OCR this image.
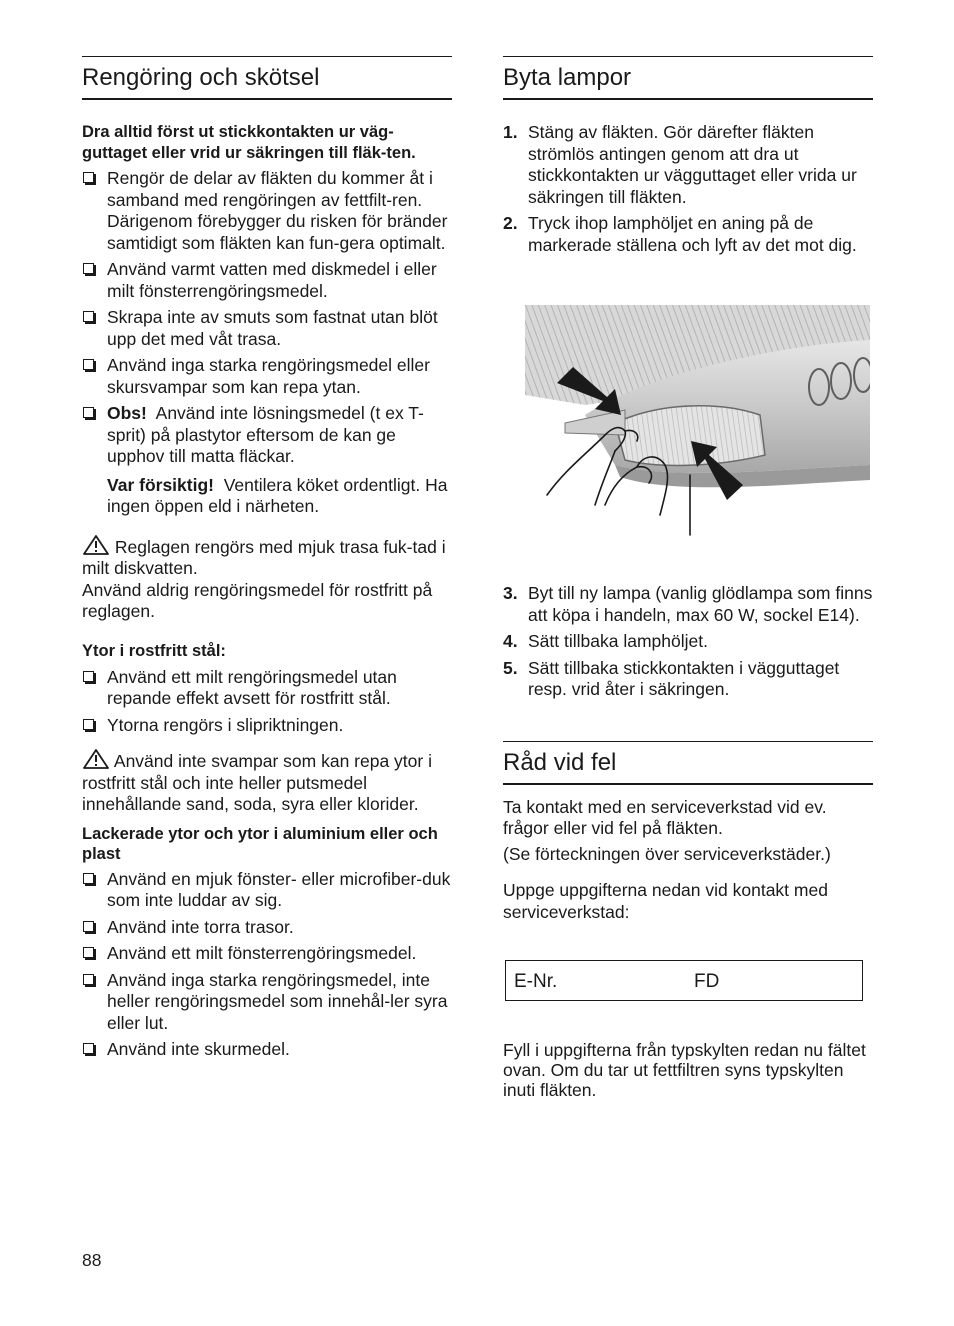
Rengöring och skötsel

Dra alltid först ut stickkontakten ur väg-guttaget eller vrid ur säkringen till fläk-ten.

Rengör de delar av fläkten du kommer åt i samband med rengöringen av fettfilt-ren. Därigenom förebygger du risken för bränder samtidigt som fläkten kan fun-gera optimalt.
Använd varmt vatten med diskmedel i eller milt fönsterrengöringsmedel.
Skrapa inte av smuts som fastnat utan blöt upp det med våt trasa.
Använd inga starka rengöringsmedel eller skursvampar som kan repa ytan.
Obs! Använd inte lösningsmedel (t ex T-sprit) på plastytor eftersom de kan ge upphov till matta fläckar.

Var försiktig! Ventilera köket ordentligt. Ha ingen öppen eld i närheten.

Reglagen rengörs med mjuk trasa fuk-tad i milt diskvatten.
Använd aldrig rengöringsmedel för rostfritt på reglagen.

Ytor i rostfritt stål:

Använd ett milt rengöringsmedel utan repande effekt avsett för rostfritt stål.
Ytorna rengörs i slipriktningen.

Använd inte svampar som kan repa ytor i rostfritt stål och inte heller putsmedel innehållande sand, soda, syra eller klorider.

Lackerade ytor och ytor i aluminium eller och plast

Använd en mjuk fönster- eller microfiber-duk som inte luddar av sig.
Använd inte torra trasor.
Använd ett milt fönsterrengöringsmedel.
Använd inga starka rengöringsmedel, inte heller rengöringsmedel som innehål-ler syra eller lut.
Använd inte skurmedel.
Byta lampor
1. Stäng av fläkten. Gör därefter fläkten strömlös antingen genom att dra ut stickkontakten ur vägguttaget eller vrida ur säkringen till fläkten.
2. Tryck ihop lamphöljet en aning på de markerade ställena och lyft av det mot dig.
3. Byt till ny lampa (vanlig glödlampa som finns att köpa i handeln, max 60 W, sockel E14).
4. Sätt tillbaka lamphöljet.
5. Sätt tillbaka stickkontakten i vägguttaget resp. vrid åter i säkringen.
Råd vid fel

Ta kontakt med en serviceverkstad vid ev. frågor eller vid fel på fläkten.

(Se förteckningen över serviceverkstäder.)

Uppge uppgifterna nedan vid kontakt med serviceverkstad:

E-Nr.	FD

Fyll i uppgifterna från typskylten redan nu fältet ovan. Om du tar ut fettfiltren syns typskylten inuti fläkten.

88
